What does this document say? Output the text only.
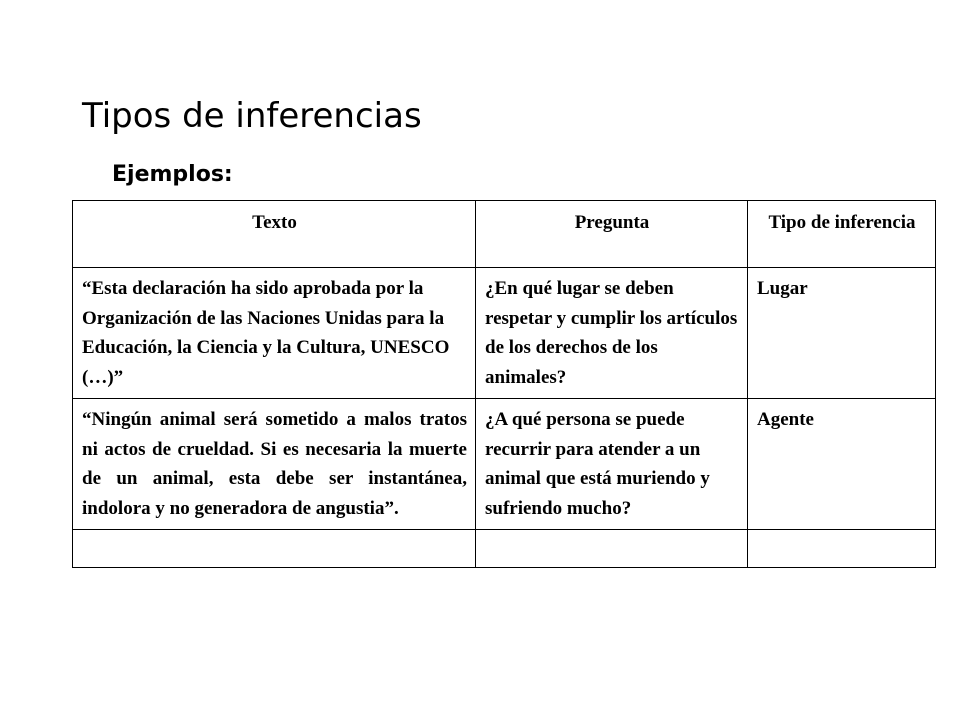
Tipos de inferencias
Ejemplos:
Texto	Pregunta	Tipo de inferencia
“Esta declaración ha sido aprobada por la Organización de las Naciones Unidas para la Educación, la Ciencia y la Cultura, UNESCO (…)”	¿En qué lugar se deben respetar y cumplir los artículos de los derechos de los animales?	Lugar
“Ningún animal será sometido a malos tratos ni actos de crueldad. Si es necesaria la muerte de un animal, esta debe ser instantánea, indolora y no generadora de angustia”.	¿A qué persona se puede recurrir para atender a un animal que está muriendo y sufriendo mucho?	Agente
